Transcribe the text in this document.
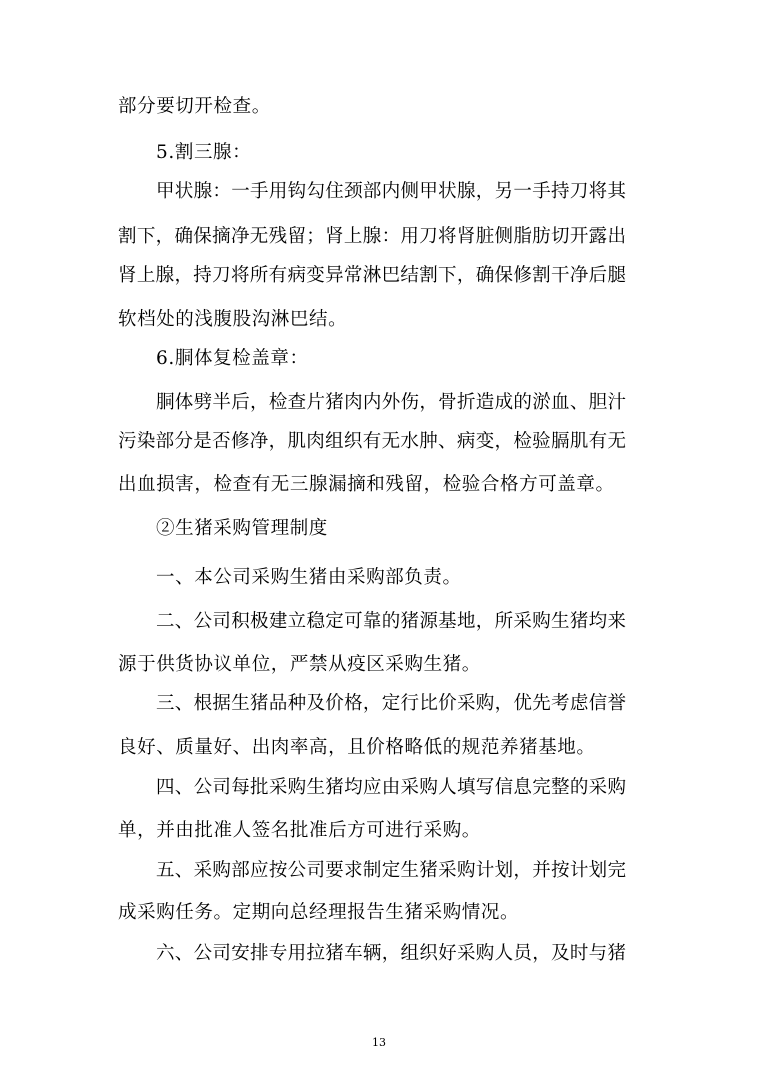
部分要切开检查。
5.割三腺：
甲状腺：一手用钩勾住颈部内侧甲状腺，另一手持刀将其
割下，确保摘净无残留；肾上腺：用刀将肾脏侧脂肪切开露出
肾上腺，持刀将所有病变异常淋巴结割下，确保修割干净后腿
软档处的浅腹股沟淋巴结。
6.胴体复检盖章：
胴体劈半后，检查片猪肉内外伤，骨折造成的淤血、胆汁
污染部分是否修净，肌肉组织有无水肿、病变，检验膈肌有无
出血损害，检查有无三腺漏摘和残留，检验合格方可盖章。
②生猪采购管理制度
一、本公司采购生猪由采购部负责。
二、公司积极建立稳定可靠的猪源基地，所采购生猪均来
源于供货协议单位，严禁从疫区采购生猪。
三、根据生猪品种及价格，定行比价采购，优先考虑信誉
良好、质量好、出肉率高，且价格略低的规范养猪基地。
四、公司每批采购生猪均应由采购人填写信息完整的采购
单，并由批准人签名批准后方可进行采购。
五、采购部应按公司要求制定生猪采购计划，并按计划完
成采购任务。定期向总经理报告生猪采购情况。
六、公司安排专用拉猪车辆，组织好采购人员，及时与猪
13
